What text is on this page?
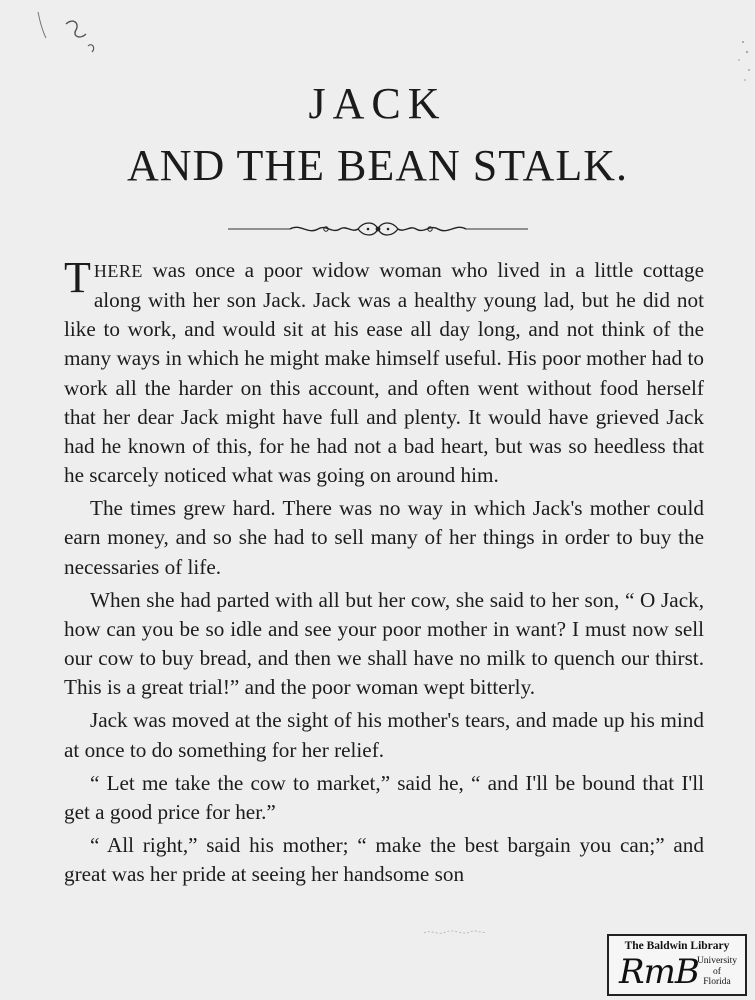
JACK
AND THE BEAN STALK.

THERE was once a poor widow woman who lived in a little cottage along with her son Jack. Jack was a healthy young lad, but he did not like to work, and would sit at his ease all day long, and not think of the many ways in which he might make himself useful. His poor mother had to work all the harder on this account, and often went without food herself that her dear Jack might have full and plenty. It would have grieved Jack had he known of this, for he had not a bad heart, but was so heedless that he scarcely noticed what was going on around him.

The times grew hard. There was no way in which Jack's mother could earn money, and so she had to sell many of her things in order to buy the necessaries of life.

When she had parted with all but her cow, she said to her son, “ O Jack, how can you be so idle and see your poor mother in want? I must now sell our cow to buy bread, and then we shall have no milk to quench our thirst. This is a great trial!” and the poor woman wept bitterly.

Jack was moved at the sight of his mother's tears, and made up his mind at once to do something for her relief.

“ Let me take the cow to market,” said he, “ and I'll be bound that I'll get a good price for her.”

“ All right,” said his mother; “ make the best bargain you can;” and great was her pride at seeing her handsome son

The Baldwin Library
RmB
University
of
Florida
